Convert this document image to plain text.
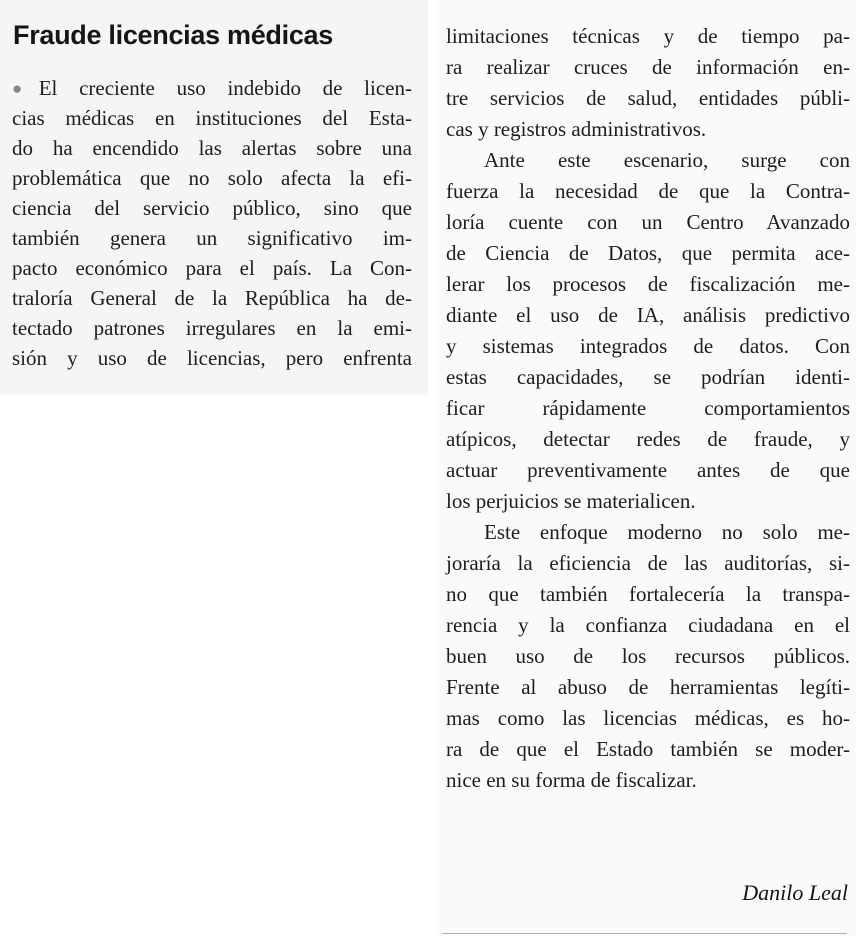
Fraude licencias médicas
●El creciente uso indebido de licen-
cias médicas en instituciones del Esta-
do ha encendido las alertas sobre una
problemática que no solo afecta la efi-
ciencia del servicio público, sino que
también genera un significativo im-
pacto económico para el país. La Con-
traloría General de la República ha de-
tectado patrones irregulares en la emi-
sión y uso de licencias, pero enfrenta
limitaciones técnicas y de tiempo pa-
ra realizar cruces de información en-
tre servicios de salud, entidades públi-
cas y registros administrativos.
Ante este escenario, surge con
fuerza la necesidad de que la Contra-
loría cuente con un Centro Avanzado
de Ciencia de Datos, que permita ace-
lerar los procesos de fiscalización me-
diante el uso de IA, análisis predictivo
y sistemas integrados de datos. Con
estas capacidades, se podrían identi-
ficar rápidamente comportamientos
atípicos, detectar redes de fraude, y
actuar preventivamente antes de que
los perjuicios se materialicen.
Este enfoque moderno no solo me-
joraría la eficiencia de las auditorías, si-
no que también fortalecería la transpa-
rencia y la confianza ciudadana en el
buen uso de los recursos públicos.
Frente al abuso de herramientas legíti-
mas como las licencias médicas, es ho-
ra de que el Estado también se moder-
nice en su forma de fiscalizar.
Danilo Leal
